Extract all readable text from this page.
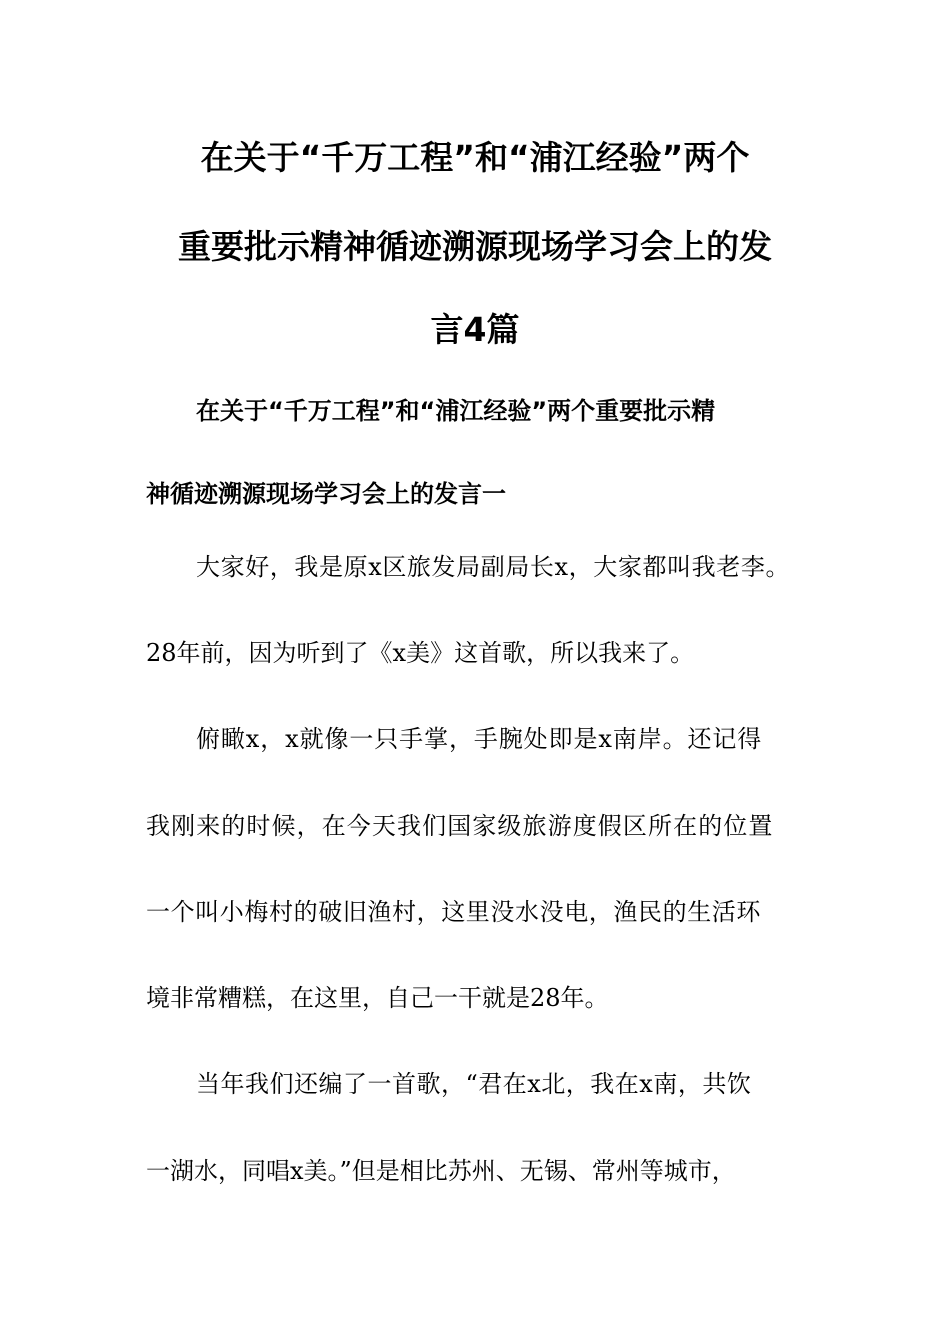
在关于“千万工程”和“浦江经验”两个
重要批示精神循迹溯源现场学习会上的发
言4篇
在关于“千万工程”和“浦江经验”两个重要批示精
神循迹溯源现场学习会上的发言一
大家好，我是原x区旅发局副局长x，大家都叫我老李。
28年前，因为听到了《x美》这首歌，所以我来了。
俯瞰x，x就像一只手掌，手腕处即是x南岸。还记得
我刚来的时候，在今天我们国家级旅游度假区所在的位置
一个叫小梅村的破旧渔村，这里没水没电，渔民的生活环
境非常糟糕，在这里，自己一干就是28年。
当年我们还编了一首歌，“君在x北，我在x南，共饮
一湖水，同唱x美。”但是相比苏州、无锡、常州等城市，
